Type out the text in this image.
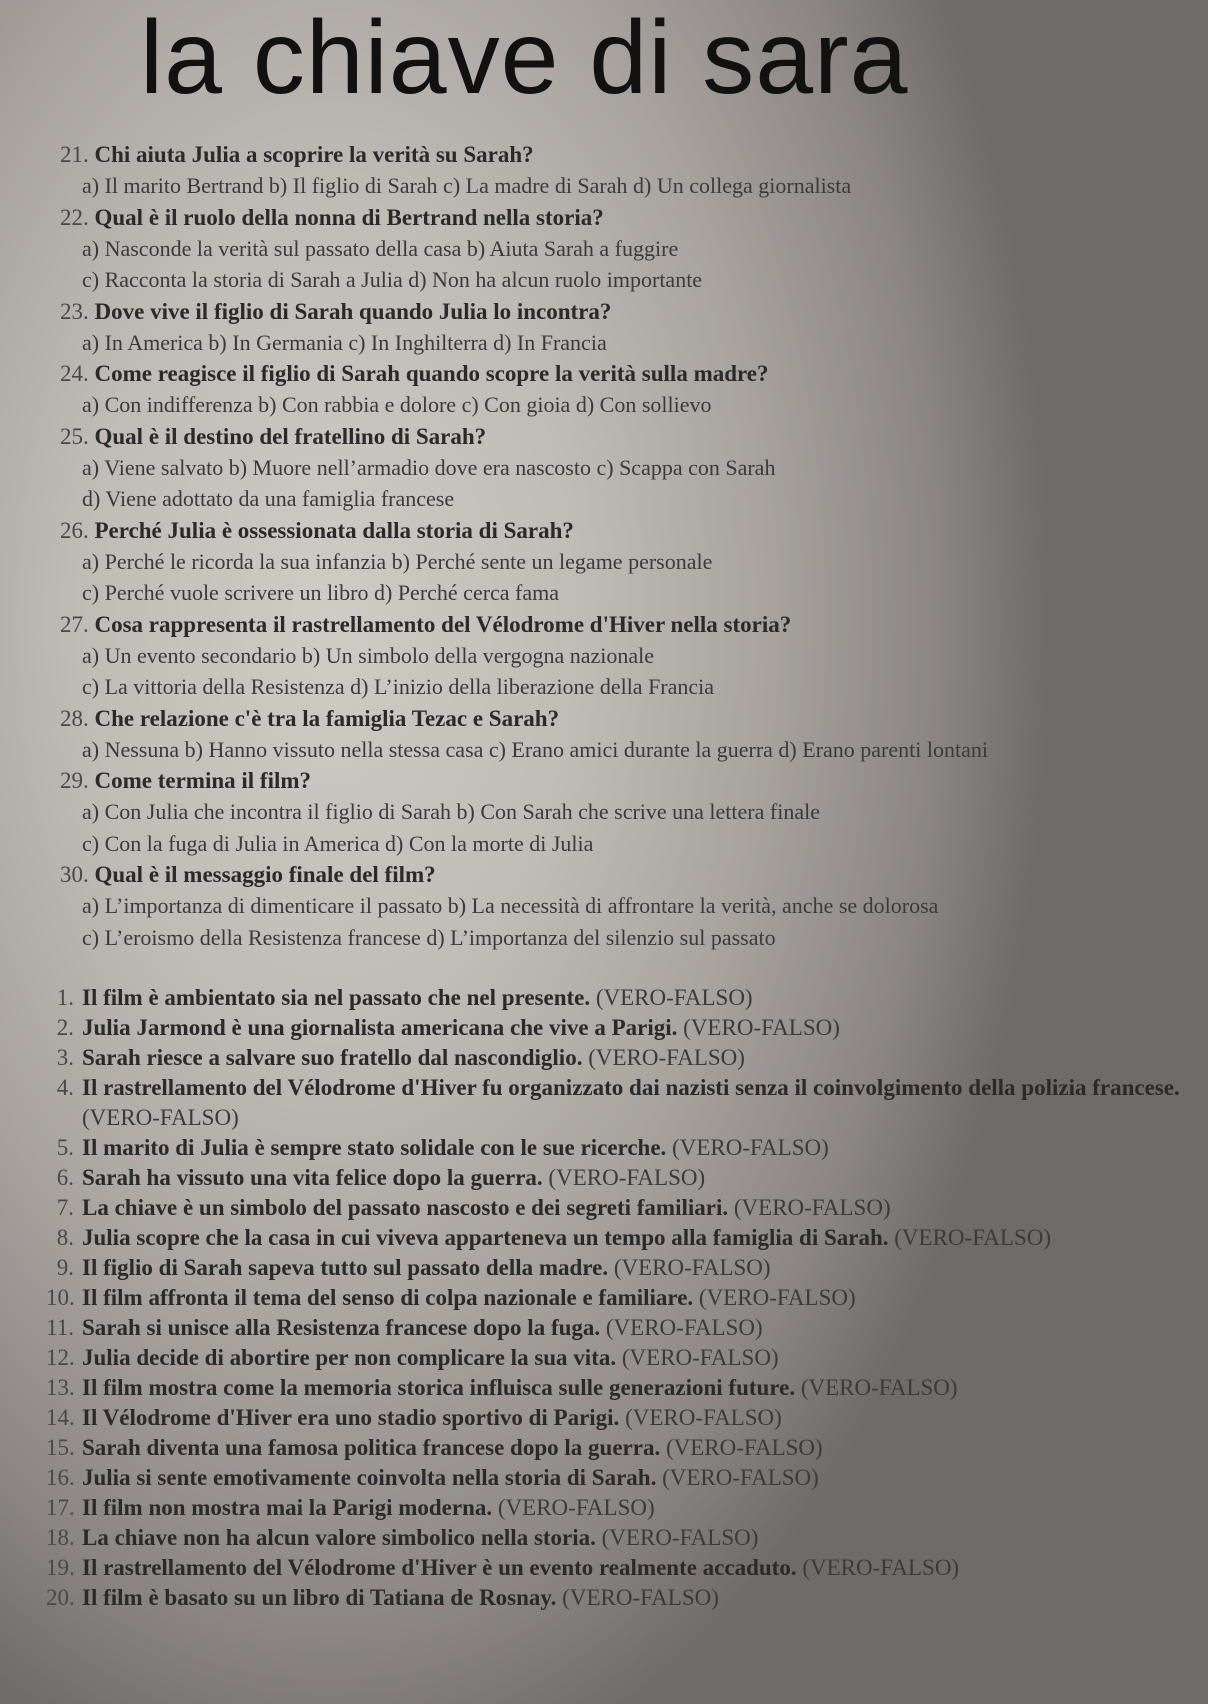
la chiave di sara
21. Chi aiuta Julia a scoprire la verità su Sarah?
a) Il marito Bertrand b) Il figlio di Sarah c) La madre di Sarah d) Un collega giornalista
22. Qual è il ruolo della nonna di Bertrand nella storia?
a) Nasconde la verità sul passato della casa b) Aiuta Sarah a fuggire
c) Racconta la storia di Sarah a Julia d) Non ha alcun ruolo importante
23. Dove vive il figlio di Sarah quando Julia lo incontra?
a) In America b) In Germania c) In Inghilterra d) In Francia
24. Come reagisce il figlio di Sarah quando scopre la verità sulla madre?
a) Con indifferenza b) Con rabbia e dolore c) Con gioia d) Con sollievo
25. Qual è il destino del fratellino di Sarah?
a) Viene salvato b) Muore nell’armadio dove era nascosto c) Scappa con Sarah
d) Viene adottato da una famiglia francese
26. Perché Julia è ossessionata dalla storia di Sarah?
a) Perché le ricorda la sua infanzia b) Perché sente un legame personale
c) Perché vuole scrivere un libro d) Perché cerca fama
27. Cosa rappresenta il rastrellamento del Vélodrome d'Hiver nella storia?
a) Un evento secondario b) Un simbolo della vergogna nazionale
c) La vittoria della Resistenza d) L’inizio della liberazione della Francia
28. Che relazione c'è tra la famiglia Tezac e Sarah?
a) Nessuna b) Hanno vissuto nella stessa casa c) Erano amici durante la guerra d) Erano parenti lontani
29. Come termina il film?
a) Con Julia che incontra il figlio di Sarah b) Con Sarah che scrive una lettera finale
c) Con la fuga di Julia in America d) Con la morte di Julia
30. Qual è il messaggio finale del film?
a) L’importanza di dimenticare il passato b) La necessità di affrontare la verità, anche se dolorosa
c) L’eroismo della Resistenza francese d) L’importanza del silenzio sul passato
1. Il film è ambientato sia nel passato che nel presente. (VERO-FALSO)
2. Julia Jarmond è una giornalista americana che vive a Parigi. (VERO-FALSO)
3. Sarah riesce a salvare suo fratello dal nascondiglio. (VERO-FALSO)
4. Il rastrellamento del Vélodrome d'Hiver fu organizzato dai nazisti senza il coinvolgimento della polizia francese. (VERO-FALSO)
5. Il marito di Julia è sempre stato solidale con le sue ricerche. (VERO-FALSO)
6. Sarah ha vissuto una vita felice dopo la guerra. (VERO-FALSO)
7. La chiave è un simbolo del passato nascosto e dei segreti familiari. (VERO-FALSO)
8. Julia scopre che la casa in cui viveva apparteneva un tempo alla famiglia di Sarah. (VERO-FALSO)
9. Il figlio di Sarah sapeva tutto sul passato della madre. (VERO-FALSO)
10. Il film affronta il tema del senso di colpa nazionale e familiare. (VERO-FALSO)
11. Sarah si unisce alla Resistenza francese dopo la fuga. (VERO-FALSO)
12. Julia decide di abortire per non complicare la sua vita. (VERO-FALSO)
13. Il film mostra come la memoria storica influisca sulle generazioni future. (VERO-FALSO)
14. Il Vélodrome d'Hiver era uno stadio sportivo di Parigi. (VERO-FALSO)
15. Sarah diventa una famosa politica francese dopo la guerra. (VERO-FALSO)
16. Julia si sente emotivamente coinvolta nella storia di Sarah. (VERO-FALSO)
17. Il film non mostra mai la Parigi moderna. (VERO-FALSO)
18. La chiave non ha alcun valore simbolico nella storia. (VERO-FALSO)
19. Il rastrellamento del Vélodrome d'Hiver è un evento realmente accaduto. (VERO-FALSO)
20. Il film è basato su un libro di Tatiana de Rosnay. (VERO-FALSO)
